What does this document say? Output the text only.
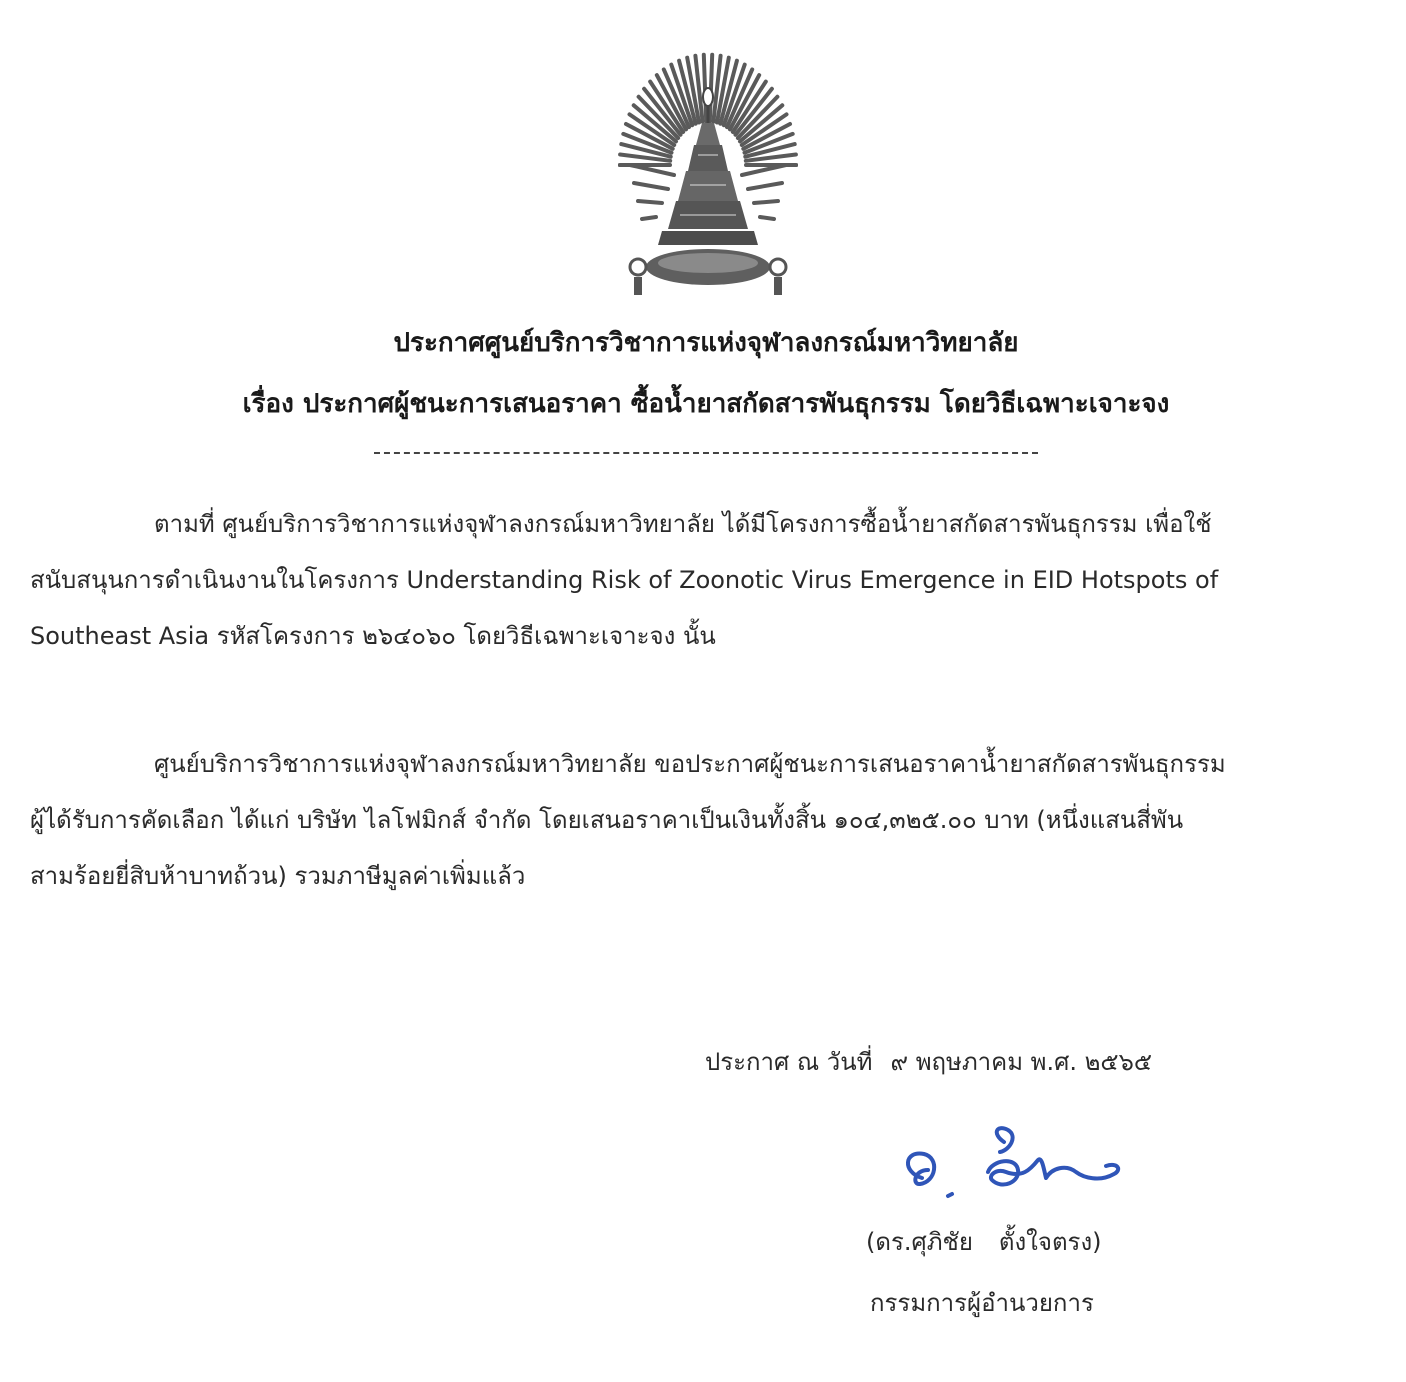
ประกาศศูนย์บริการวิชาการแห่งจุฬาลงกรณ์มหาวิทยาลัย
เรื่อง ประกาศผู้ชนะการเสนอราคา ซื้อน้ำยาสกัดสารพันธุกรรม โดยวิธีเฉพาะเจาะจง
ตามที่ ศูนย์บริการวิชาการแห่งจุฬาลงกรณ์มหาวิทยาลัย ได้มีโครงการซื้อน้ำยาสกัดสารพันธุกรรม เพื่อใช้
สนับสนุนการดำเนินงานในโครงการ Understanding Risk of Zoonotic Virus Emergence in EID Hotspots of
Southeast Asia รหัสโครงการ ๒๖๔๐๖๐ โดยวิธีเฉพาะเจาะจง นั้น
ศูนย์บริการวิชาการแห่งจุฬาลงกรณ์มหาวิทยาลัย ขอประกาศผู้ชนะการเสนอราคาน้ำยาสกัดสารพันธุกรรม
ผู้ได้รับการคัดเลือก ได้แก่ บริษัท ไลโฟมิกส์ จำกัด โดยเสนอราคาเป็นเงินทั้งสิ้น ๑๐๔,๓๒๕.๐๐ บาท (หนึ่งแสนสี่พัน
สามร้อยยี่สิบห้าบาทถ้วน) รวมภาษีมูลค่าเพิ่มแล้ว
ประกาศ ณ วันที่ ๙ พฤษภาคม พ.ศ. ๒๕๖๕
(ดร.ศุภิชัย ตั้งใจตรง)
กรรมการผู้อำนวยการ
